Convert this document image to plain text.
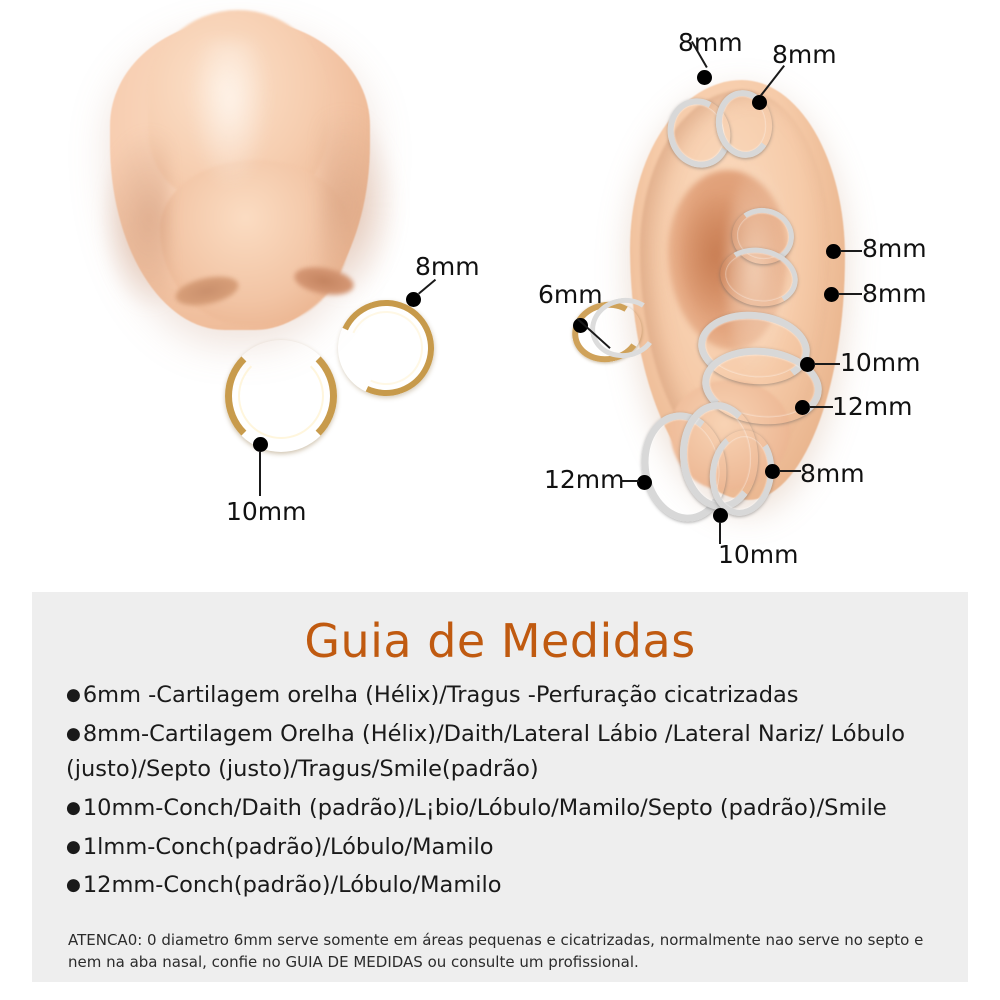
8mm
10mm
8mm 8mm
6mm
8mm
8mm
10mm
12mm
8mm
12mm
10mm
Guia de Medidas
●6mm -Cartilagem orelha (Hélix)/Tragus -Perfuração cicatrizadas
●8mm-Cartilagem Orelha (Hélix)/Daith/Lateral Lábio /Lateral Nariz/ Lóbulo (justo)/Septo (justo)/Tragus/Smile(padrão)
●10mm-Conch/Daith (padrão)/L¡bio/Lóbulo/Mamilo/Septo (padrão)/Smile
●1lmm-Conch(padrão)/Lóbulo/Mamilo
●12mm-Conch(padrão)/Lóbulo/Mamilo
ATENCA0: 0 diametro 6mm serve somente em áreas pequenas e cicatrizadas, normalmente nao serve no septo e nem na aba nasal, confie no GUIA DE MEDIDAS ou consulte um profissional.
